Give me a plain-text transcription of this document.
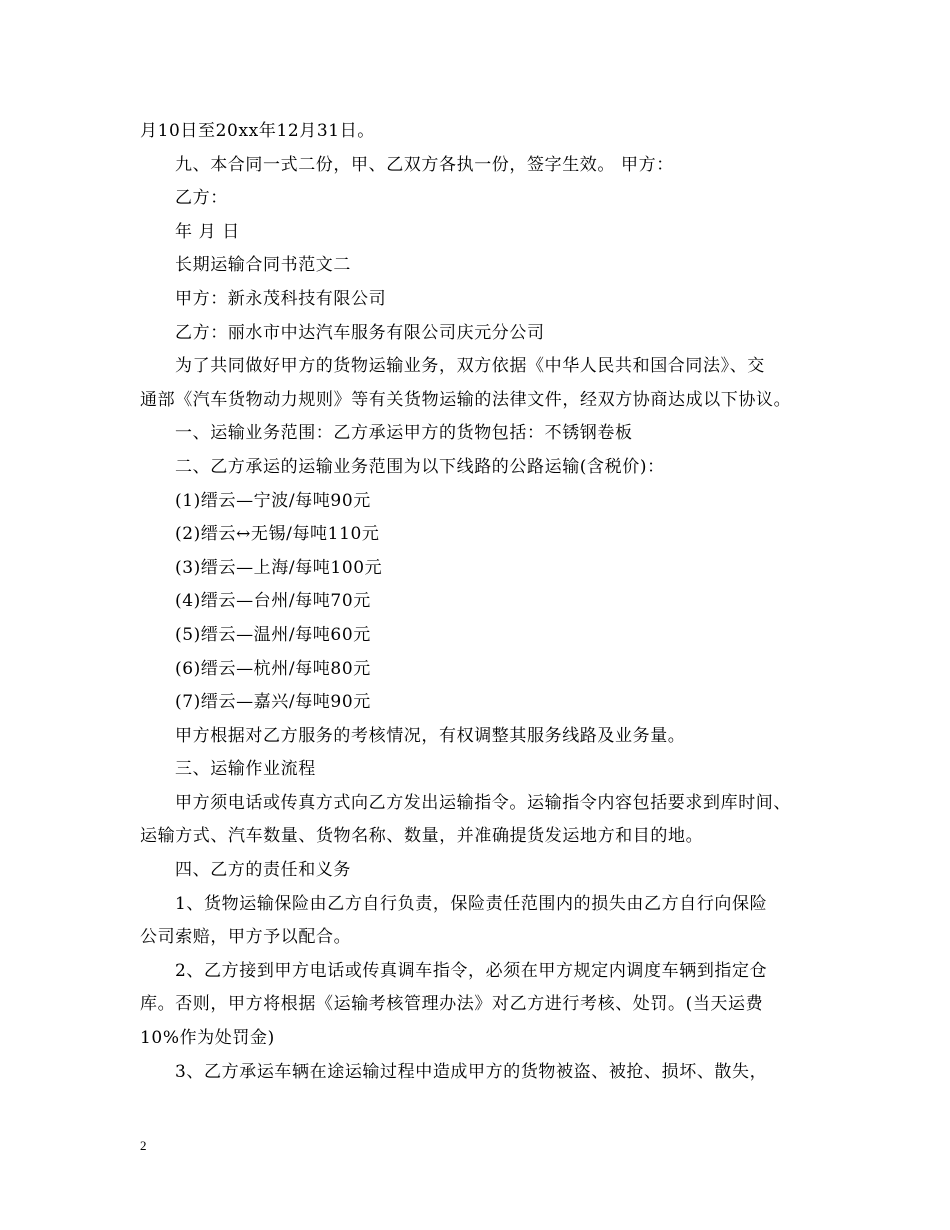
月10日至20xx年12月31日。
九、本合同一式二份，甲、乙双方各执一份，签字生效。 甲方：
乙方：
年 月 日
长期运输合同书范文二
甲方：新永茂科技有限公司
乙方：丽水市中达汽车服务有限公司庆元分公司
为了共同做好甲方的货物运输业务，双方依据《中华人民共和国合同法》、交
通部《汽车货物动力规则》等有关货物运输的法律文件，经双方协商达成以下协议。
一、运输业务范围：乙方承运甲方的货物包括：不锈钢卷板
二、乙方承运的运输业务范围为以下线路的公路运输(含税价)：
(1)缙云—宁波/每吨90元
(2)缙云↔无锡/每吨110元
(3)缙云—上海/每吨100元
(4)缙云—台州/每吨70元
(5)缙云—温州/每吨60元
(6)缙云—杭州/每吨80元
(7)缙云—嘉兴/每吨90元
甲方根据对乙方服务的考核情况，有权调整其服务线路及业务量。
三、运输作业流程
甲方须电话或传真方式向乙方发出运输指令。运输指令内容包括要求到库时间、
运输方式、汽车数量、货物名称、数量，并准确提货发运地方和目的地。
四、乙方的责任和义务
1、货物运输保险由乙方自行负责，保险责任范围内的损失由乙方自行向保险
公司索赔，甲方予以配合。
2、乙方接到甲方电话或传真调车指令，必须在甲方规定内调度车辆到指定仓
库。否则，甲方将根据《运输考核管理办法》对乙方进行考核、处罚。(当天运费
10%作为处罚金)
3、乙方承运车辆在途运输过程中造成甲方的货物被盗、被抢、损坏、散失，
2
